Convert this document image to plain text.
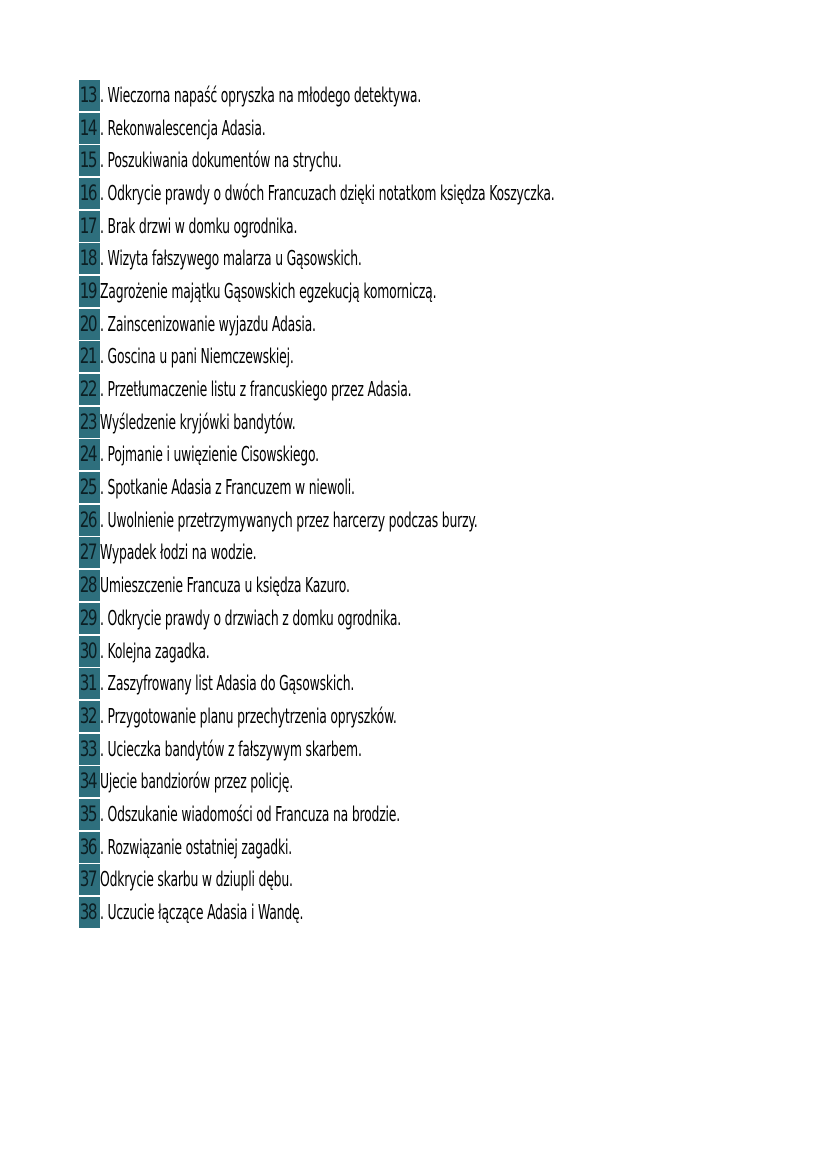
13 . Wieczorna napaść opryszka na młodego detektywa.
14 . Rekonwalescencja Adasia.
15 . Poszukiwania dokumentów na strychu.
16 . Odkrycie prawdy o dwóch Francuzach dzięki notatkom księdza Koszyczka.
17 . Brak drzwi w domku ogrodnika.
18 . Wizyta fałszywego malarza u Gąsowskich.
19 Zagrożenie majątku Gąsowskich egzekucją komorniczą.
20 . Zainscenizowanie wyjazdu Adasia.
21 . Goscina u pani Niemczewskiej.
22 . Przetłumaczenie listu z francuskiego przez Adasia.
23 Wyśledzenie kryjówki bandytów.
24 . Pojmanie i uwięzienie Cisowskiego.
25 . Spotkanie Adasia z Francuzem w niewoli.
26 . Uwolnienie przetrzymywanych przez harcerzy podczas burzy.
27 Wypadek łodzi na wodzie.
28 Umieszczenie Francuza u księdza Kazuro.
29 . Odkrycie prawdy o drzwiach z domku ogrodnika.
30 . Kolejna zagadka.
31 . Zaszyfrowany list Adasia do Gąsowskich.
32 . Przygotowanie planu przechytrzenia opryszków.
33 . Ucieczka bandytów z fałszywym skarbem.
34 Ujecie bandziorów przez policję.
35 . Odszukanie wiadomości od Francuza na brodzie.
36 . Rozwiązanie ostatniej zagadki.
37 Odkrycie skarbu w dziupli dębu.
38 . Uczucie łączące Adasia i Wandę.
